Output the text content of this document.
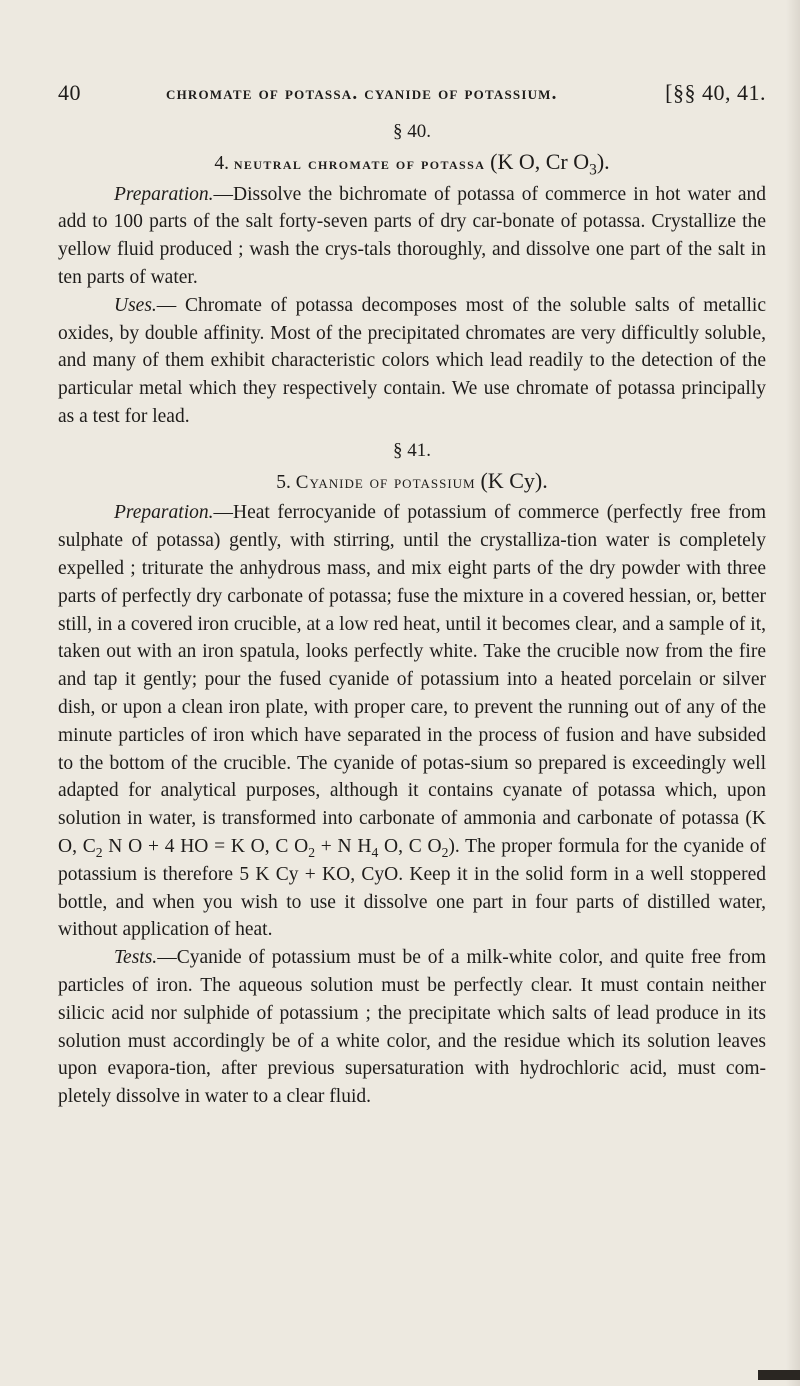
40	chromate of potassa. cyanide of potassium.	[§§ 40, 41.
§ 40.
4. neutral chromate of potassa (K O, Cr $O_3$).

Preparation.—Dissolve the bichromate of potassa of commerce in hot water and add to 100 parts of the salt forty-seven parts of dry car-bonate of potassa. Crystallize the yellow fluid produced ; wash the crys-tals thoroughly, and dissolve one part of the salt in ten parts of water.

Uses.— Chromate of potassa decomposes most of the soluble salts of metallic oxides, by double affinity. Most of the precipitated chromates are very difficultly soluble, and many of them exhibit characteristic colors which lead readily to the detection of the particular metal which they respectively contain. We use chromate of potassa principally as a test for lead.

§ 41.
5. Cyanide of potassium (K Cy).

Preparation.—Heat ferrocyanide of potassium of commerce (perfectly free from sulphate of potassa) gently, with stirring, until the crystalliza-tion water is completely expelled ; triturate the anhydrous mass, and mix eight parts of the dry powder with three parts of perfectly dry carbonate of potassa; fuse the mixture in a covered hessian, or, better still, in a covered iron crucible, at a low red heat, until it becomes clear, and a sample of it, taken out with an iron spatula, looks perfectly white. Take the crucible now from the fire and tap it gently; pour the fused cyanide of potassium into a heated porcelain or silver dish, or upon a clean iron plate, with proper care, to prevent the running out of any of the minute particles of iron which have separated in the process of fusion and have subsided to the bottom of the crucible. The cyanide of potas-sium so prepared is exceedingly well adapted for analytical purposes, although it contains cyanate of potassa which, upon solution in water, is transformed into carbonate of ammonia and carbonate of potassa (K O, $C_2$ N O + 4 HO = K O, C $O_2 + N$ $H_4$ O, C $O_2$). The proper formula for the cyanide of potassium is therefore 5 K Cy + KO, CyO. Keep it in the solid form in a well stoppered bottle, and when you wish to use it dissolve one part in four parts of distilled water, without application of heat.

Tests.—Cyanide of potassium must be of a milk-white color, and quite free from particles of iron. The aqueous solution must be perfectly clear. It must contain neither silicic acid nor sulphide of potassium ; the precipitate which salts of lead produce in its solution must accordingly be of a white color, and the residue which its solution leaves upon evapora-tion, after previous supersaturation with hydrochloric acid, must com-pletely dissolve in water to a clear fluid.
